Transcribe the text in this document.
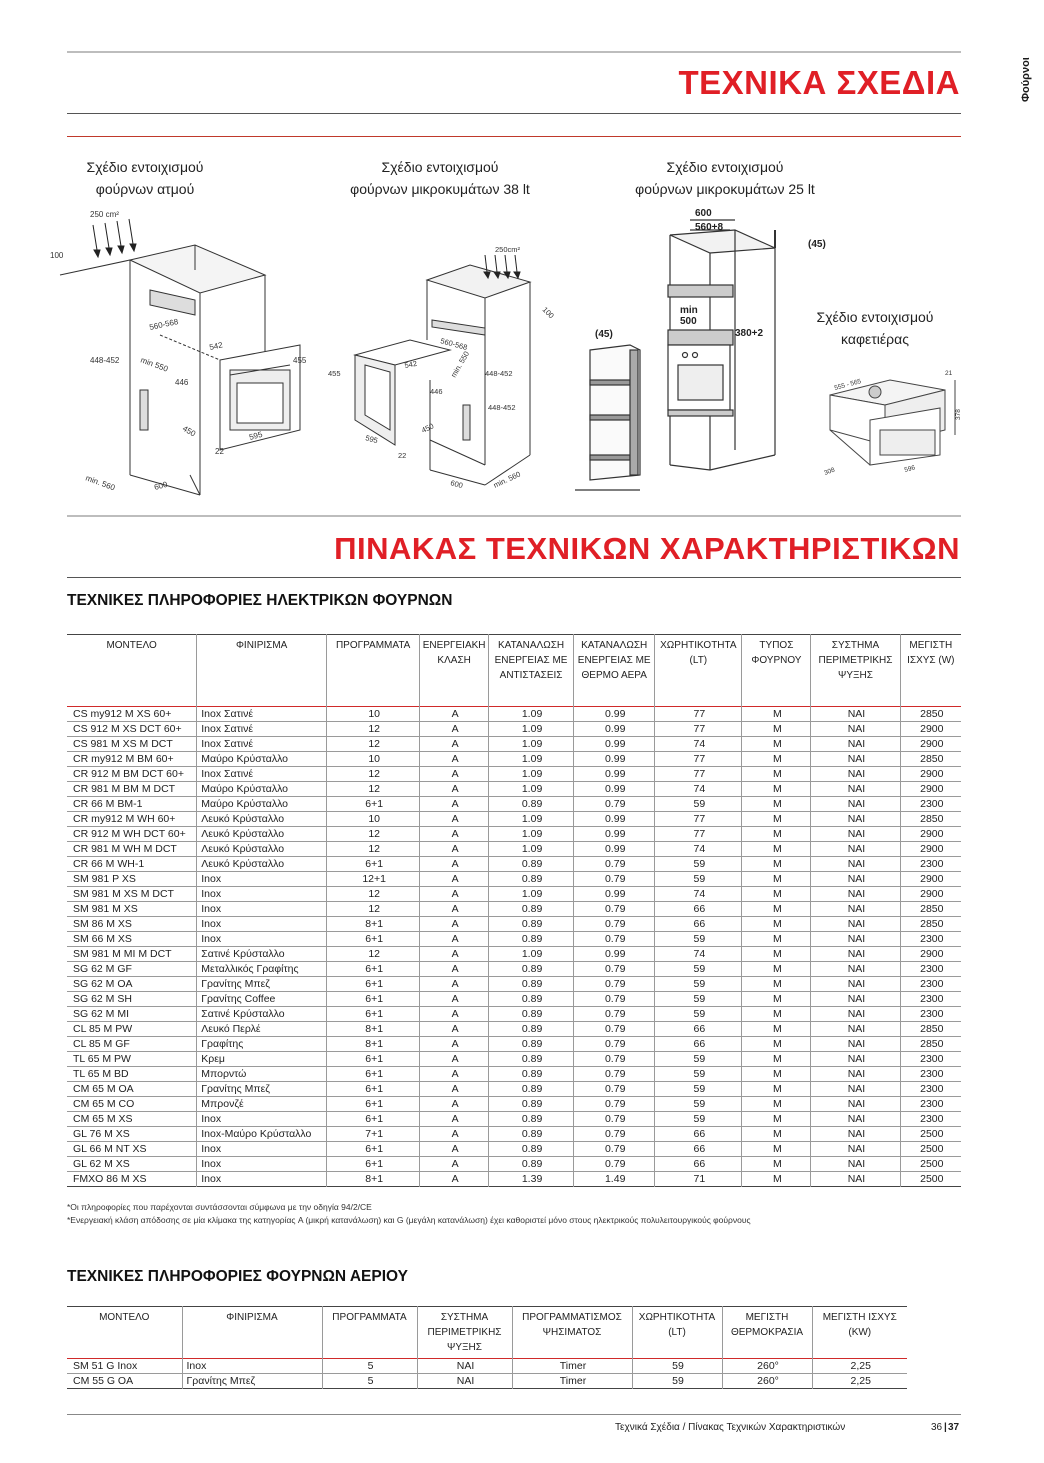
ΤΕΧΝΙΚΑ ΣΧΕΔΙΑ	Φούρνοι
Σχέδιο εντοιχισμού
φούρνων ατμού
Σχέδιο εντοιχισμού
φούρνων μικροκυμάτων 38 lt
Σχέδιο εντοιχισμού
φούρνων μικροκυμάτων 25 lt
Σχέδιο εντοιχισμού
καφετιέρας
250 cm²
100
560-568
542
448-452 min 550
446
455
450	595
22
min. 560	600
250cm²
100
560-568
542
455
446
min. 550 448-452
448-452
595
450
22
600	min. 560
600
560+8
(45)
min
500
380+2
(45)
555 - 565
21
378
308	596
ΠΙΝΑΚΑΣ ΤΕΧΝΙΚΩΝ ΧΑΡΑΚΤΗΡΙΣΤΙΚΩΝ
ΤΕΧΝΙΚΕΣ ΠΛΗΡΟΦΟΡΙΕΣ ΗΛΕΚΤΡΙΚΩΝ ΦΟΥΡΝΩΝ
ΜΟΝΤΕΛΟ	ΦΙΝΙΡΙΣΜΑ	ΠΡΟΓΡΑΜΜΑΤΑ	ΕΝΕΡΓΕΙΑΚΗ ΚΛΑΣΗ	ΚΑΤΑΝΑΛΩΣΗ ΕΝΕΡΓΕΙΑΣ ΜΕ ΑΝΤΙΣΤΑΣΕΙΣ	ΚΑΤΑΝΑΛΩΣΗ ΕΝΕΡΓΕΙΑΣ ΜΕ ΘΕΡΜΟ ΑΕΡΑ	ΧΩΡΗΤΙΚΟΤΗΤΑ (LT)	ΤΥΠΟΣ ΦΟΥΡΝΟΥ	ΣΥΣΤΗΜΑ ΠΕΡΙΜΕΤΡΙΚΗΣ ΨΥΞΗΣ	ΜΕΓΙΣΤΗ ΙΣΧΥΣ (W)
CS my912 M XS 60+	Inox Σατινέ	10	A	1.09	0.99	77	M	ΝΑΙ	2850
CS 912 M XS DCT 60+	Inox Σατινέ	12	A	1.09	0.99	77	M	ΝΑΙ	2900
CS 981 M XS M DCT	Inox Σατινέ	12	A	1.09	0.99	74	M	ΝΑΙ	2900
CR my912 M BM 60+	Μαύρο Κρύσταλλο	10	A	1.09	0.99	77	M	ΝΑΙ	2850
CR 912 M BM DCT 60+	Inox Σατινέ	12	A	1.09	0.99	77	M	ΝΑΙ	2900
CR 981 M BM M DCT	Μαύρο Κρύσταλλο	12	A	1.09	0.99	74	M	ΝΑΙ	2900
CR 66 M BM-1	Μαύρο Κρύσταλλο	6+1	A	0.89	0.79	59	M	ΝΑΙ	2300
CR my912 M WH 60+	Λευκό Κρύσταλλο	10	A	1.09	0.99	77	M	ΝΑΙ	2850
CR 912 M WH DCT 60+	Λευκό Κρύσταλλο	12	A	1.09	0.99	77	M	ΝΑΙ	2900
CR 981 M WH M DCT	Λευκό Κρύσταλλο	12	A	1.09	0.99	74	M	ΝΑΙ	2900
CR 66 M WH-1	Λευκό Κρύσταλλο	6+1	A	0.89	0.79	59	M	ΝΑΙ	2300
SM 981 P XS	Inox	12+1	A	0.89	0.79	59	M	ΝΑΙ	2900
SM 981 M XS M DCT	Inox	12	A	1.09	0.99	74	M	ΝΑΙ	2900
SM 981 M XS	Inox	12	A	0.89	0.79	66	M	ΝΑΙ	2850
SM 86 M XS	Inox	8+1	A	0.89	0.79	66	M	ΝΑΙ	2850
SM 66 M XS	Inox	6+1	A	0.89	0.79	59	M	ΝΑΙ	2300
SM 981 M MI M DCT	Σατινέ Κρύσταλλο	12	A	1.09	0.99	74	M	ΝΑΙ	2900
SG 62 M GF	Μεταλλικός Γραφίτης	6+1	A	0.89	0.79	59	M	ΝΑΙ	2300
SG 62 M OA	Γρανίτης Μπεζ	6+1	A	0.89	0.79	59	M	ΝΑΙ	2300
SG 62 M SH	Γρανίτης Coffee	6+1	A	0.89	0.79	59	M	ΝΑΙ	2300
SG 62 M MI	Σατινέ Κρύσταλλο	6+1	A	0.89	0.79	59	M	ΝΑΙ	2300
CL 85 M PW	Λευκό Περλέ	8+1	A	0.89	0.79	66	M	ΝΑΙ	2850
CL 85 M GF	Γραφίτης	8+1	A	0.89	0.79	66	M	ΝΑΙ	2850
TL 65 M PW	Κρεμ	6+1	A	0.89	0.79	59	M	ΝΑΙ	2300
TL 65 M BD	Μπορντώ	6+1	A	0.89	0.79	59	M	ΝΑΙ	2300
CM 65 M OA	Γρανίτης Μπεζ	6+1	A	0.89	0.79	59	M	ΝΑΙ	2300
CM 65 M CO	Μπρονζέ	6+1	A	0.89	0.79	59	M	ΝΑΙ	2300
CM 65 M XS	Inox	6+1	A	0.89	0.79	59	M	ΝΑΙ	2300
GL 76 M XS	Inox-Μαύρο Κρύσταλλο	7+1	A	0.89	0.79	66	M	ΝΑΙ	2500
GL 66 M NT XS	Inox	6+1	A	0.89	0.79	66	M	ΝΑΙ	2500
GL 62 M XS	Inox	6+1	A	0.89	0.79	66	M	ΝΑΙ	2500
FMXO 86 M XS	Inox	8+1	A	1.39	1.49	71	M	ΝΑΙ	2500
*Οι πληροφορίες που παρέχονται συντάσσονται σύμφωνα με την οδηγία 94/2/CE
*Ενεργειακή κλάση απόδοσης σε μία κλίμακα της κατηγορίας A (μικρή κατανάλωση) και G (μεγάλη κατανάλωση) έχει καθοριστεί μόνο στους ηλεκτρικούς πολυλειτουργικούς φούρνους
ΤΕΧΝΙΚΕΣ ΠΛΗΡΟΦΟΡΙΕΣ ΦΟΥΡΝΩΝ ΑΕΡΙΟΥ
ΜΟΝΤΕΛΟ	ΦΙΝΙΡΙΣΜΑ	ΠΡΟΓΡΑΜΜΑΤΑ	ΣΥΣΤΗΜΑ ΠΕΡΙΜΕΤΡΙΚΗΣ ΨΥΞΗΣ	ΠΡΟΓΡΑΜΜΑΤΙΣΜΟΣ ΨΗΣΙΜΑΤΟΣ	ΧΩΡΗΤΙΚΟΤΗΤΑ (LT)	ΜΕΓΙΣΤΗ ΘΕΡΜΟΚΡΑΣΙΑ	ΜΕΓΙΣΤΗ ΙΣΧΥΣ (KW)
SM 51 G Inox	Inox	5	ΝΑΙ	Timer	59	260°	2,25
CM 55 G OA	Γρανίτης Μπεζ	5	ΝΑΙ	Timer	59	260°	2,25
Τεχνικά Σχέδια / Πίνακας Τεχνικών Χαρακτηριστικών	36 | 37
